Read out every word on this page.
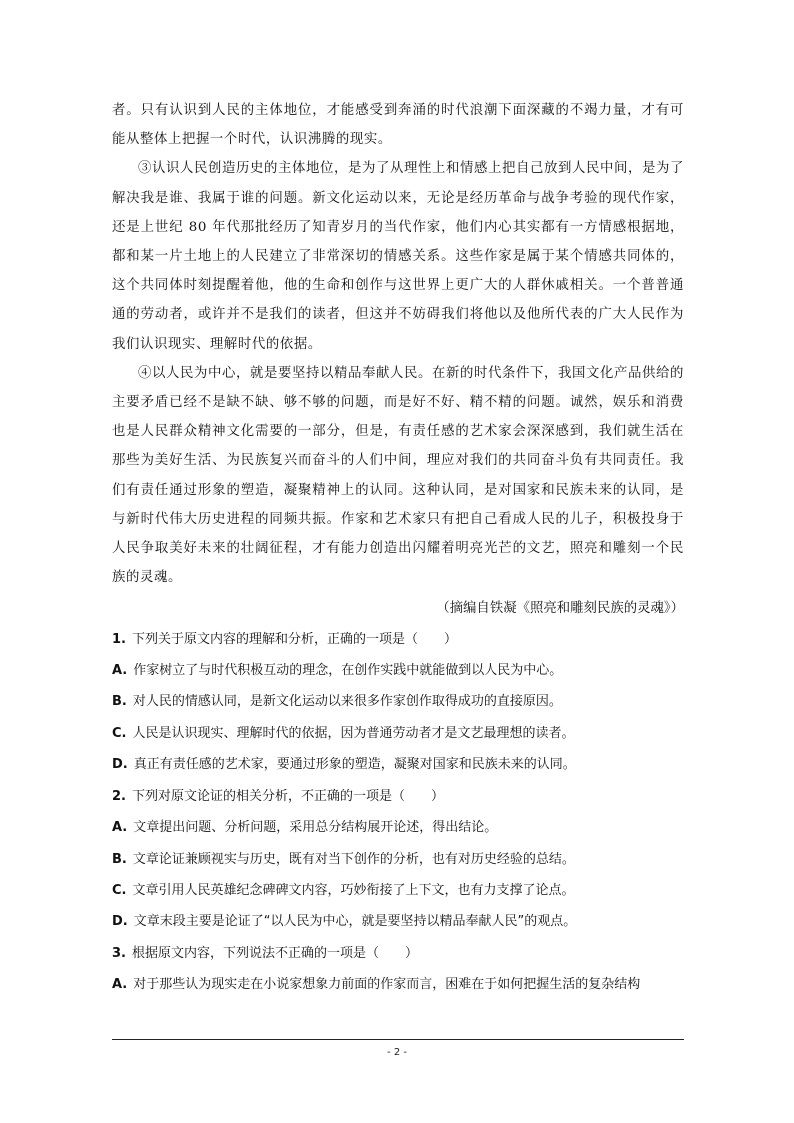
者。只有认识到人民的主体地位，才能感受到奔涌的时代浪潮下面深藏的不竭力量，才有可能从整体上把握一个时代，认识沸腾的现实。

③认识人民创造历史的主体地位，是为了从理性上和情感上把自己放到人民中间，是为了解决我是谁、我属于谁的问题。新文化运动以来，无论是经历革命与战争考验的现代作家，还是上世纪 80 年代那批经历了知青岁月的当代作家，他们内心其实都有一方情感根据地，都和某一片土地上的人民建立了非常深切的情感关系。这些作家是属于某个情感共同体的，这个共同体时刻提醒着他，他的生命和创作与这世界上更广大的人群休戚相关。一个普普通通的劳动者，或许并不是我们的读者，但这并不妨碍我们将他以及他所代表的广大人民作为我们认识现实、理解时代的依据。

④以人民为中心，就是要坚持以精品奉献人民。在新的时代条件下，我国文化产品供给的主要矛盾已经不是缺不缺、够不够的问题，而是好不好、精不精的问题。诚然，娱乐和消费也是人民群众精神文化需要的一部分，但是，有责任感的艺术家会深深感到，我们就生活在那些为美好生活、为民族复兴而奋斗的人们中间，理应对我们的共同奋斗负有共同责任。我们有责任通过形象的塑造，凝聚精神上的认同。这种认同，是对国家和民族未来的认同，是与新时代伟大历史进程的同频共振。作家和艺术家只有把自己看成人民的儿子，积极投身于人民争取美好未来的壮阔征程，才有能力创造出闪耀着明亮光芒的文艺，照亮和雕刻一个民族的灵魂。

（摘编自铁凝《照亮和雕刻民族的灵魂》）

1. 下列关于原文内容的理解和分析，正确的一项是（　　）

A. 作家树立了与时代积极互动的理念，在创作实践中就能做到以人民为中心。

B. 对人民的情感认同，是新文化运动以来很多作家创作取得成功的直接原因。

C. 人民是认识现实、理解时代的依据，因为普通劳动者才是文艺最理想的读者。

D. 真正有责任感的艺术家，要通过形象的塑造，凝聚对国家和民族未来的认同。

2. 下列对原文论证的相关分析，不正确的一项是（　　）

A. 文章提出问题、分析问题，采用总分结构展开论述，得出结论。

B. 文章论证兼顾视实与历史，既有对当下创作的分析，也有对历史经验的总结。

C. 文章引用人民英雄纪念碑碑文内容，巧妙衔接了上下文，也有力支撑了论点。

D. 文章末段主要是论证了“以人民为中心，就是要坚持以精品奉献人民”的观点。

3. 根据原文内容，下列说法不正确的一项是（　　）

A. 对于那些认为现实走在小说家想象力前面的作家而言，困难在于如何把握生活的复杂结构

- 2 -
